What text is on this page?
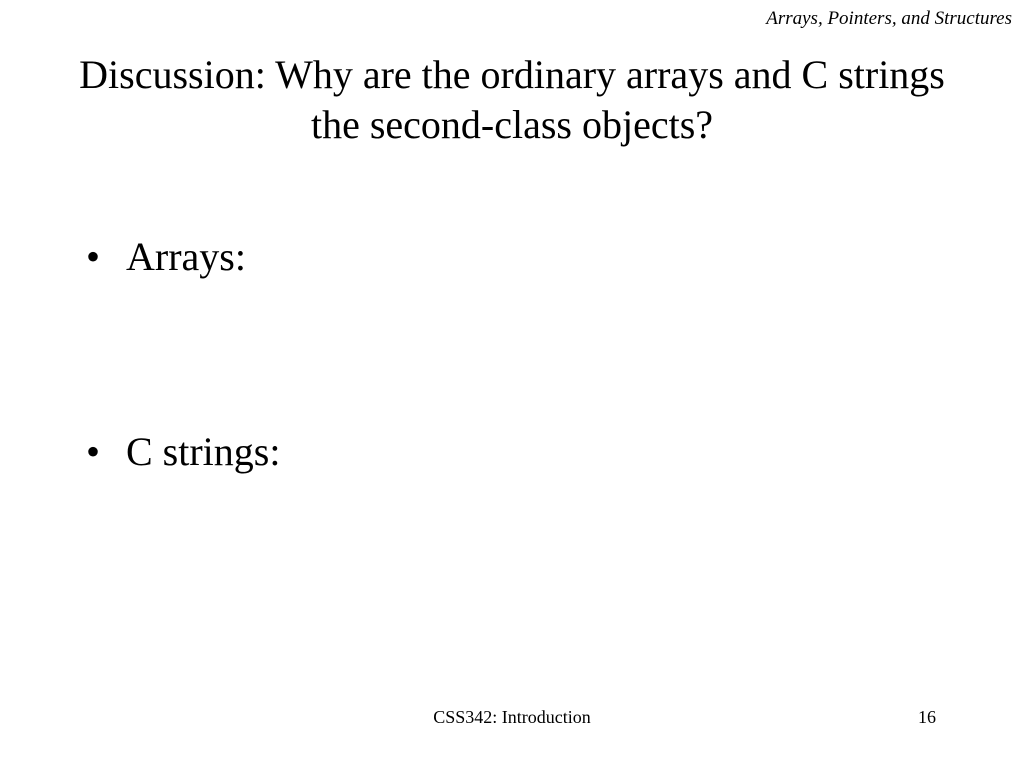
Arrays, Pointers, and Structures
Discussion: Why are the ordinary arrays and C strings
the second-class objects?
• Arrays:
• C strings:
CSS342: Introduction	16
